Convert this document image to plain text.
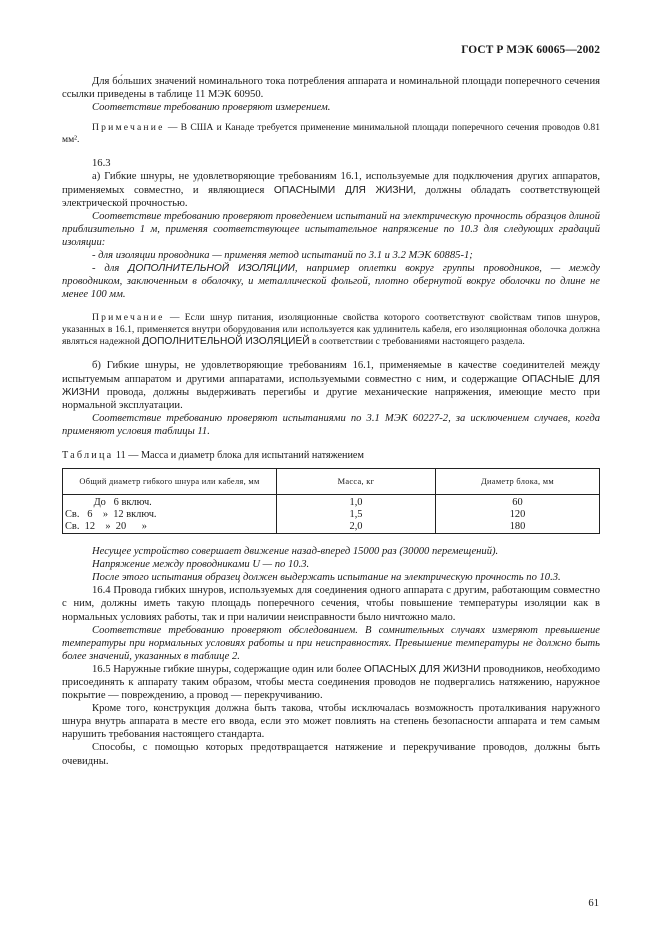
ГОСТ Р МЭК 60065—2002

Для бо́льших значений номинального тока потребления аппарата и номинальной площади поперечного сечения ссылки приведены в таблице 11 МЭК 60950.

Соответствие требованию проверяют измерением.

Примечание — В США и Канаде требуется применение минимальной площади поперечного сечения проводов 0.81 мм².

16.3

а) Гибкие шнуры, не удовлетворяющие требованиям 16.1, используемые для подключения других аппаратов, применяемых совместно, и являющиеся ОПАСНЫМИ ДЛЯ ЖИЗНИ, должны обладать соответствующей электрической прочностью.

Соответствие требованию проверяют проведением испытаний на электрическую прочность образцов длиной приблизительно 1 м, применяя соответствующее испытательное напряжение по 10.3 для следующих градаций изоляции:

- для изоляции проводника — применяя метод испытаний по 3.1 и 3.2 МЭК 60885-1;

- для ДОПОЛНИТЕЛЬНОЙ ИЗОЛЯЦИИ, например оплетки вокруг группы проводников, — между проводником, заключенным в оболочку, и металлической фольгой, плотно обернутой вокруг оболочки по длине не менее 100 мм.

Примечание — Если шнур питания, изоляционные свойства которого соответствуют свойствам типов шнуров, указанных в 16.1, применяется внутри оборудования или используется как удлинитель кабеля, его изоляционная оболочка должна являться надежной ДОПОЛНИТЕЛЬНОЙ ИЗОЛЯЦИЕЙ в соответствии с требованиями настоящего раздела.

б) Гибкие шнуры, не удовлетворяющие требованиям 16.1, применяемые в качестве соединителей между испытуемым аппаратом и другими аппаратами, используемыми совместно с ним, и содержащие ОПАСНЫЕ ДЛЯ ЖИЗНИ провода, должны выдерживать перегибы и другие механические напряжения, имеющие место при нормальной эксплуатации.

Соответствие требованию проверяют испытаниями по 3.1 МЭК 60227-2, за исключением случаев, когда применяют условия таблицы 11.

Таблица 11 — Масса и диаметр блока для испытаний натяжением

Общий диаметр гибкого шнура или кабеля, мм	Масса, кг	Диаметр блока, мм
До   6 включ.	1,0	60
Св.   6    »  12 включ.	1,5	120
Св.  12    »  20      »	2,0	180

Несущее устройство совершает движение назад-вперед 15000 раз (30000 перемещений).

Напряжение между проводниками U — по 10.3.

После этого испытания образец должен выдержать испытание на электрическую прочность по 10.3.

16.4 Провода гибких шнуров, используемых для соединения одного аппарата с другим, работающим совместно с ним, должны иметь такую площадь поперечного сечения, чтобы повышение температуры изоляции как в нормальных условиях работы, так и при наличии неисправности было ничтожно мало.

Соответствие требованию проверяют обследованием. В сомнительных случаях измеряют превышение температуры при нормальных условиях работы и при неисправностях. Превышение температуры не должно быть более значений, указанных в таблице 2.

16.5 Наружные гибкие шнуры, содержащие один или более ОПАСНЫХ ДЛЯ ЖИЗНИ проводников, необходимо присоединять к аппарату таким образом, чтобы места соединения проводов не подвергались натяжению, наружное покрытие — повреждению, а провод — перекручиванию.

Кроме того, конструкция должна быть такова, чтобы исключалась возможность проталкивания наружного шнура внутрь аппарата в месте его ввода, если это может повлиять на степень безопасности аппарата и тем самым нарушить требования настоящего стандарта.

Способы, с помощью которых предотвращается натяжение и перекручивание проводов, должны быть очевидны.

61
